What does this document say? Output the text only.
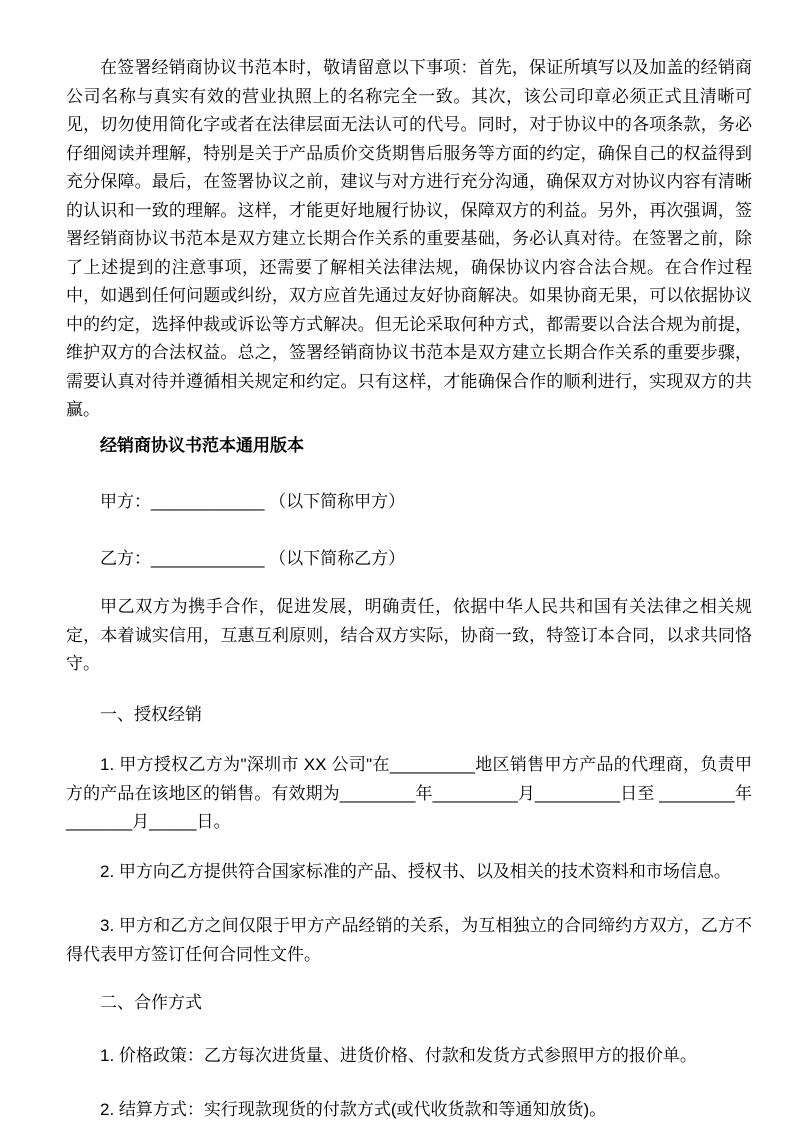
在签署经销商协议书范本时，敬请留意以下事项：首先，保证所填写以及加盖的经销商公司名称与真实有效的营业执照上的名称完全一致。其次，该公司印章必须正式且清晰可见，切勿使用简化字或者在法律层面无法认可的代号。同时，对于协议中的各项条款，务必仔细阅读并理解，特别是关于产品质价交货期售后服务等方面的约定，确保自己的权益得到充分保障。最后，在签署协议之前，建议与对方进行充分沟通，确保双方对协议内容有清晰的认识和一致的理解。这样，才能更好地履行协议，保障双方的利益。另外，再次强调，签署经销商协议书范本是双方建立长期合作关系的重要基础，务必认真对待。在签署之前，除了上述提到的注意事项，还需要了解相关法律法规，确保协议内容合法合规。在合作过程中，如遇到任何问题或纠纷，双方应首先通过友好协商解决。如果协商无果，可以依据协议中的约定，选择仲裁或诉讼等方式解决。但无论采取何种方式，都需要以合法合规为前提，维护双方的合法权益。总之，签署经销商协议书范本是双方建立长期合作关系的重要步骤，需要认真对待并遵循相关规定和约定。只有这样，才能确保合作的顺利进行，实现双方的共赢。

经销商协议书范本通用版本

甲方：____________ （以下简称甲方）

乙方：____________ （以下简称乙方）

甲乙双方为携手合作，促进发展，明确责任，依据中华人民共和国有关法律之相关规定，本着诚实信用，互惠互利原则，结合双方实际，协商一致，特签订本合同，以求共同恪守。

一、授权经销

1. 甲方授权乙方为"深圳市 XX 公司"在_________地区销售甲方产品的代理商，负责甲方的产品在该地区的销售。有效期为________年_________月_________日至 ________年 _______月_____日。

2. 甲方向乙方提供符合国家标准的产品、授权书、以及相关的技术资料和市场信息。

3. 甲方和乙方之间仅限于甲方产品经销的关系，为互相独立的合同缔约方双方，乙方不得代表甲方签订任何合同性文件。

二、合作方式

1. 价格政策：乙方每次进货量、进货价格、付款和发货方式参照甲方的报价单。

2. 结算方式：实行现款现货的付款方式(或代收货款和等通知放货)。
